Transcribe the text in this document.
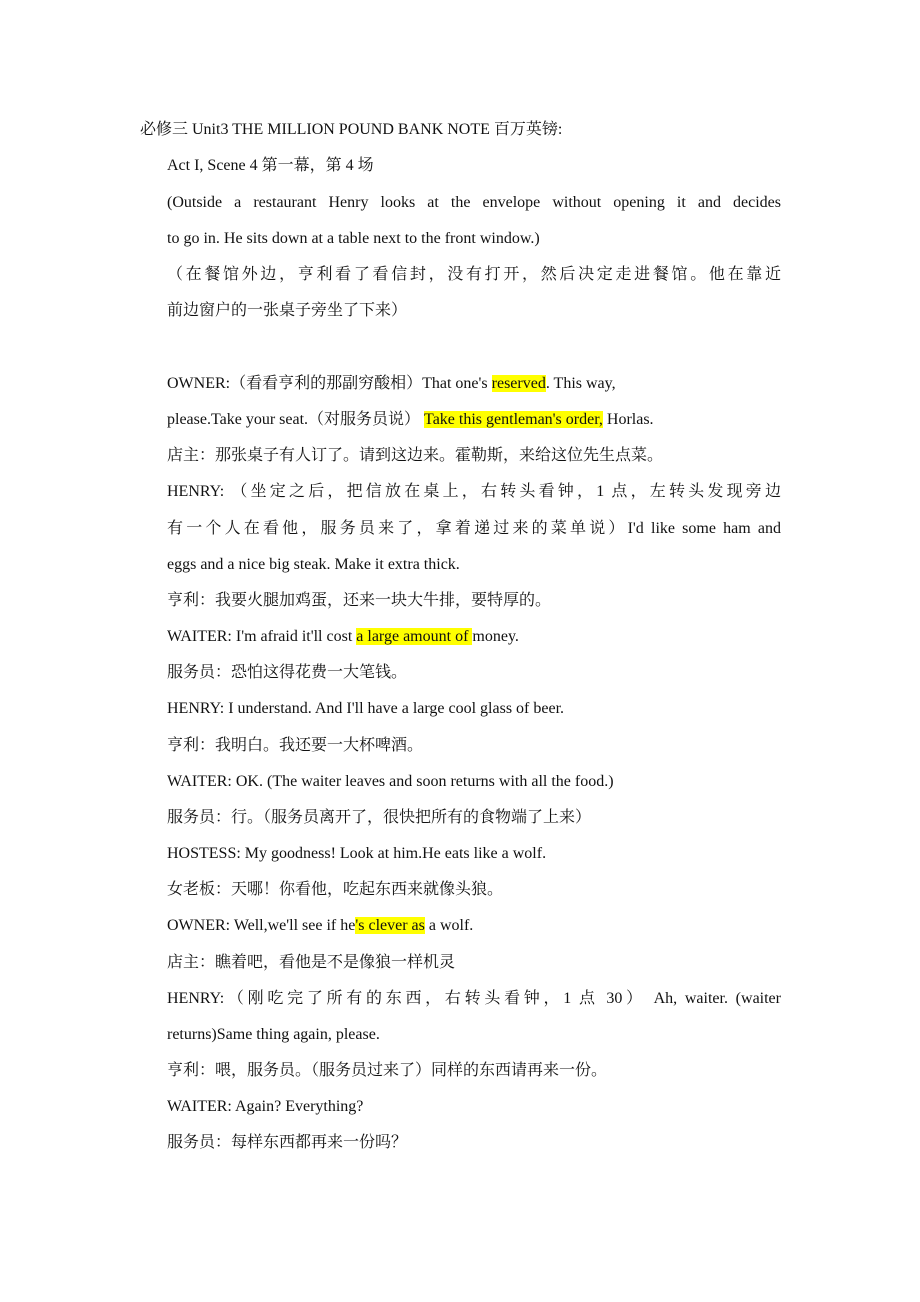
必修三 Unit3 THE MILLION POUND BANK NOTE 百万英镑:

Act I, Scene 4 第一幕，第 4 场

(Outside a restaurant Henry looks at the envelope without opening it and decides

to go in. He sits down at a table next to the front window.)

（在餐馆外边，亨利看了看信封，没有打开，然后决定走进餐馆。他在靠近

前边窗户的一张桌子旁坐了下来）

OWNER:（看看亨利的那副穷酸相）That one's reserved. This way,

please.Take your seat.（对服务员说） Take this gentleman's order, Horlas.

店主：那张桌子有人订了。请到这边来。霍勒斯，来给这位先生点菜。

HENRY: （坐定之后，把信放在桌上，右转头看钟，1 点，左转头发现旁边

有一个人在看他，服务员来了，拿着递过来的菜单说）I'd like some ham and

eggs and a nice big steak. Make it extra thick.

亨利：我要火腿加鸡蛋，还来一块大牛排，要特厚的。

WAITER: I'm afraid it'll cost a large amount of money.

服务员：恐怕这得花费一大笔钱。

HENRY: I understand. And I'll have a large cool glass of beer.

亨利：我明白。我还要一大杯啤酒。

WAITER: OK. (The waiter leaves and soon returns with all the food.)

服务员：行。（服务员离开了，很快把所有的食物端了上来）

HOSTESS: My goodness! Look at him.He eats like a wolf.

女老板：天哪！你看他，吃起东西来就像头狼。

OWNER: Well,we'll see if he's clever as a wolf.

店主：瞧着吧，看他是不是像狼一样机灵

HENRY:（刚吃完了所有的东西，右转头看钟，1 点 30） Ah, waiter. (waiter

returns)Same thing again, please.

亨利：喂，服务员。（服务员过来了）同样的东西请再来一份。

WAITER: Again? Everything?

服务员：每样东西都再来一份吗？
